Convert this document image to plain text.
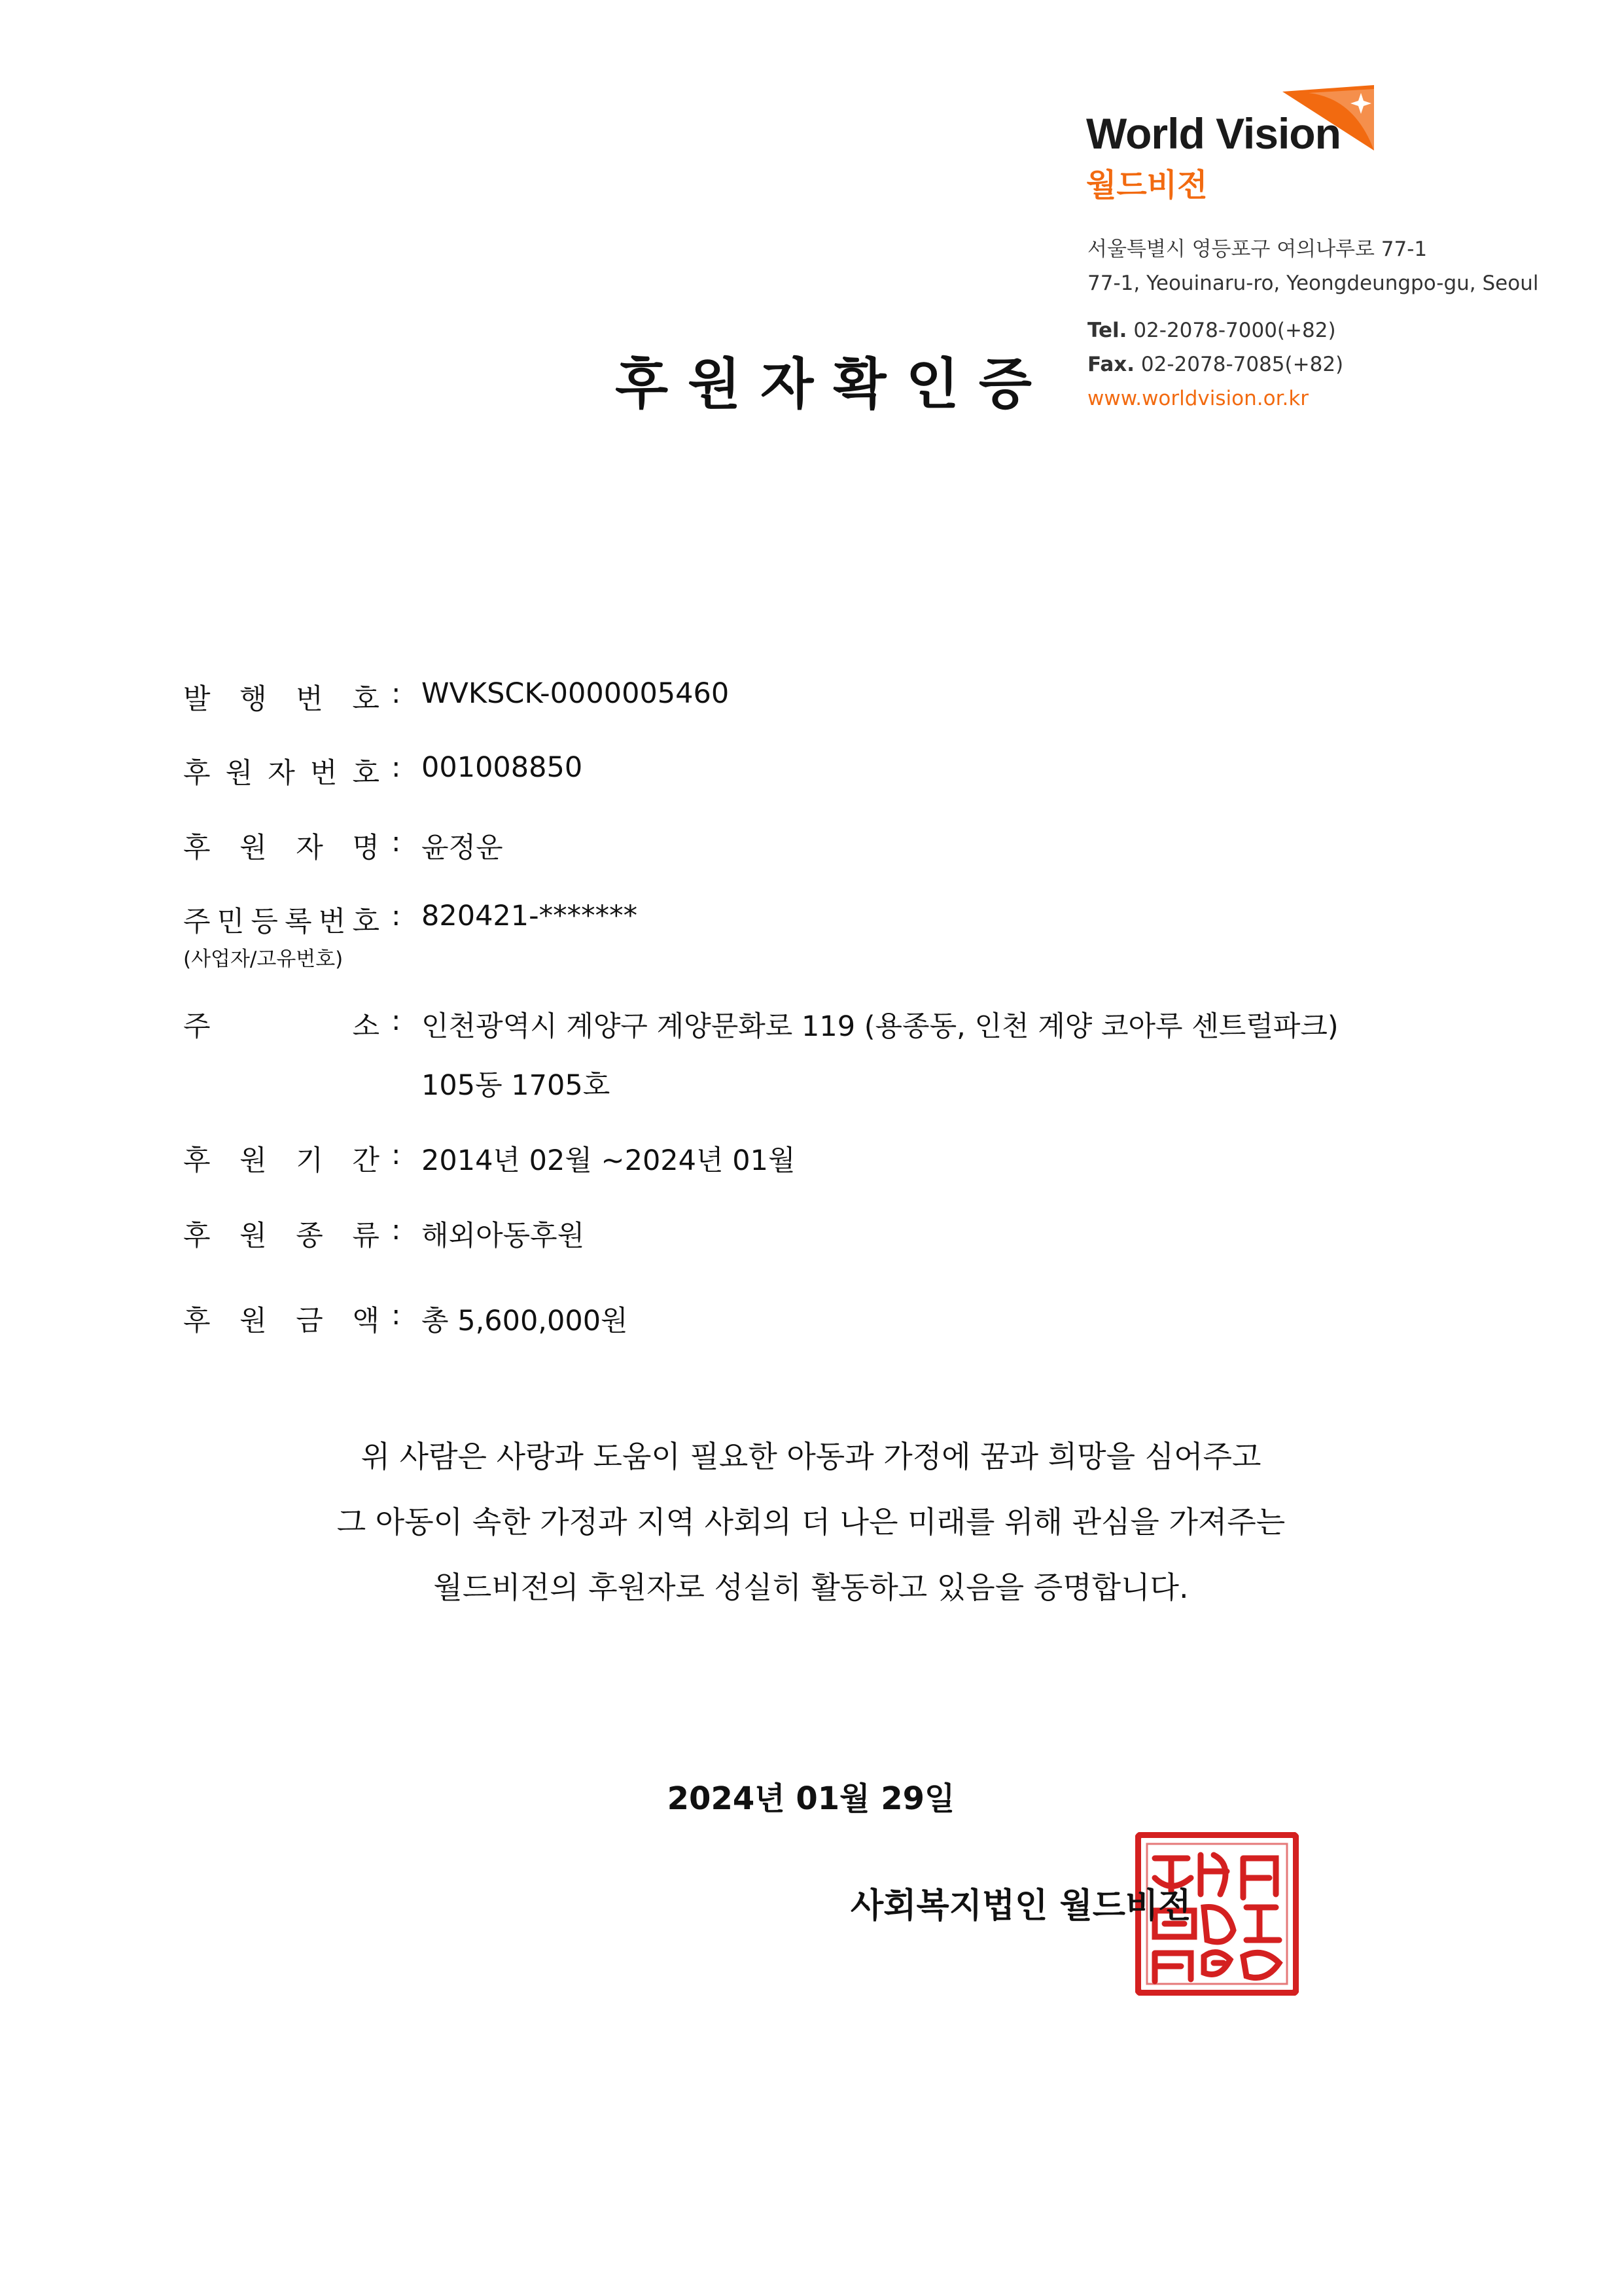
World Vision
월드비전
서울특별시 영등포구 여의나루로 77-1
77-1, Yeouinaru-ro, Yeongdeungpo-gu, Seoul
Tel. 02-2078-7000(+82)
Fax. 02-2078-7085(+82)
www.worldvision.or.kr
후원자확인증
발 행 번 호 : WVKSCK-0000005460
후 원 자 번 호 : 001008850
후 원 자 명 : 윤정운
주 민 등 록 번 호 : 820421-*******
(사업자/고유번호)
주	소 : 인천광역시 계양구 계양문화로 119 (용종동, 인천 계양 코아루 센트럴파크)
105동 1705호
후 원 기 간 : 2014년 02월 ~2024년 01월
후 원 종 류 : 해외아동후원
후 원 금 액 : 총 5,600,000원
위 사람은 사랑과 도움이 필요한 아동과 가정에 꿈과 희망을 심어주고
그 아동이 속한 가정과 지역 사회의 더 나은 미래를 위해 관심을 가져주는
월드비전의 후원자로 성실히 활동하고 있음을 증명합니다.
2024년 01월 29일
사회복지법인 월드비전
